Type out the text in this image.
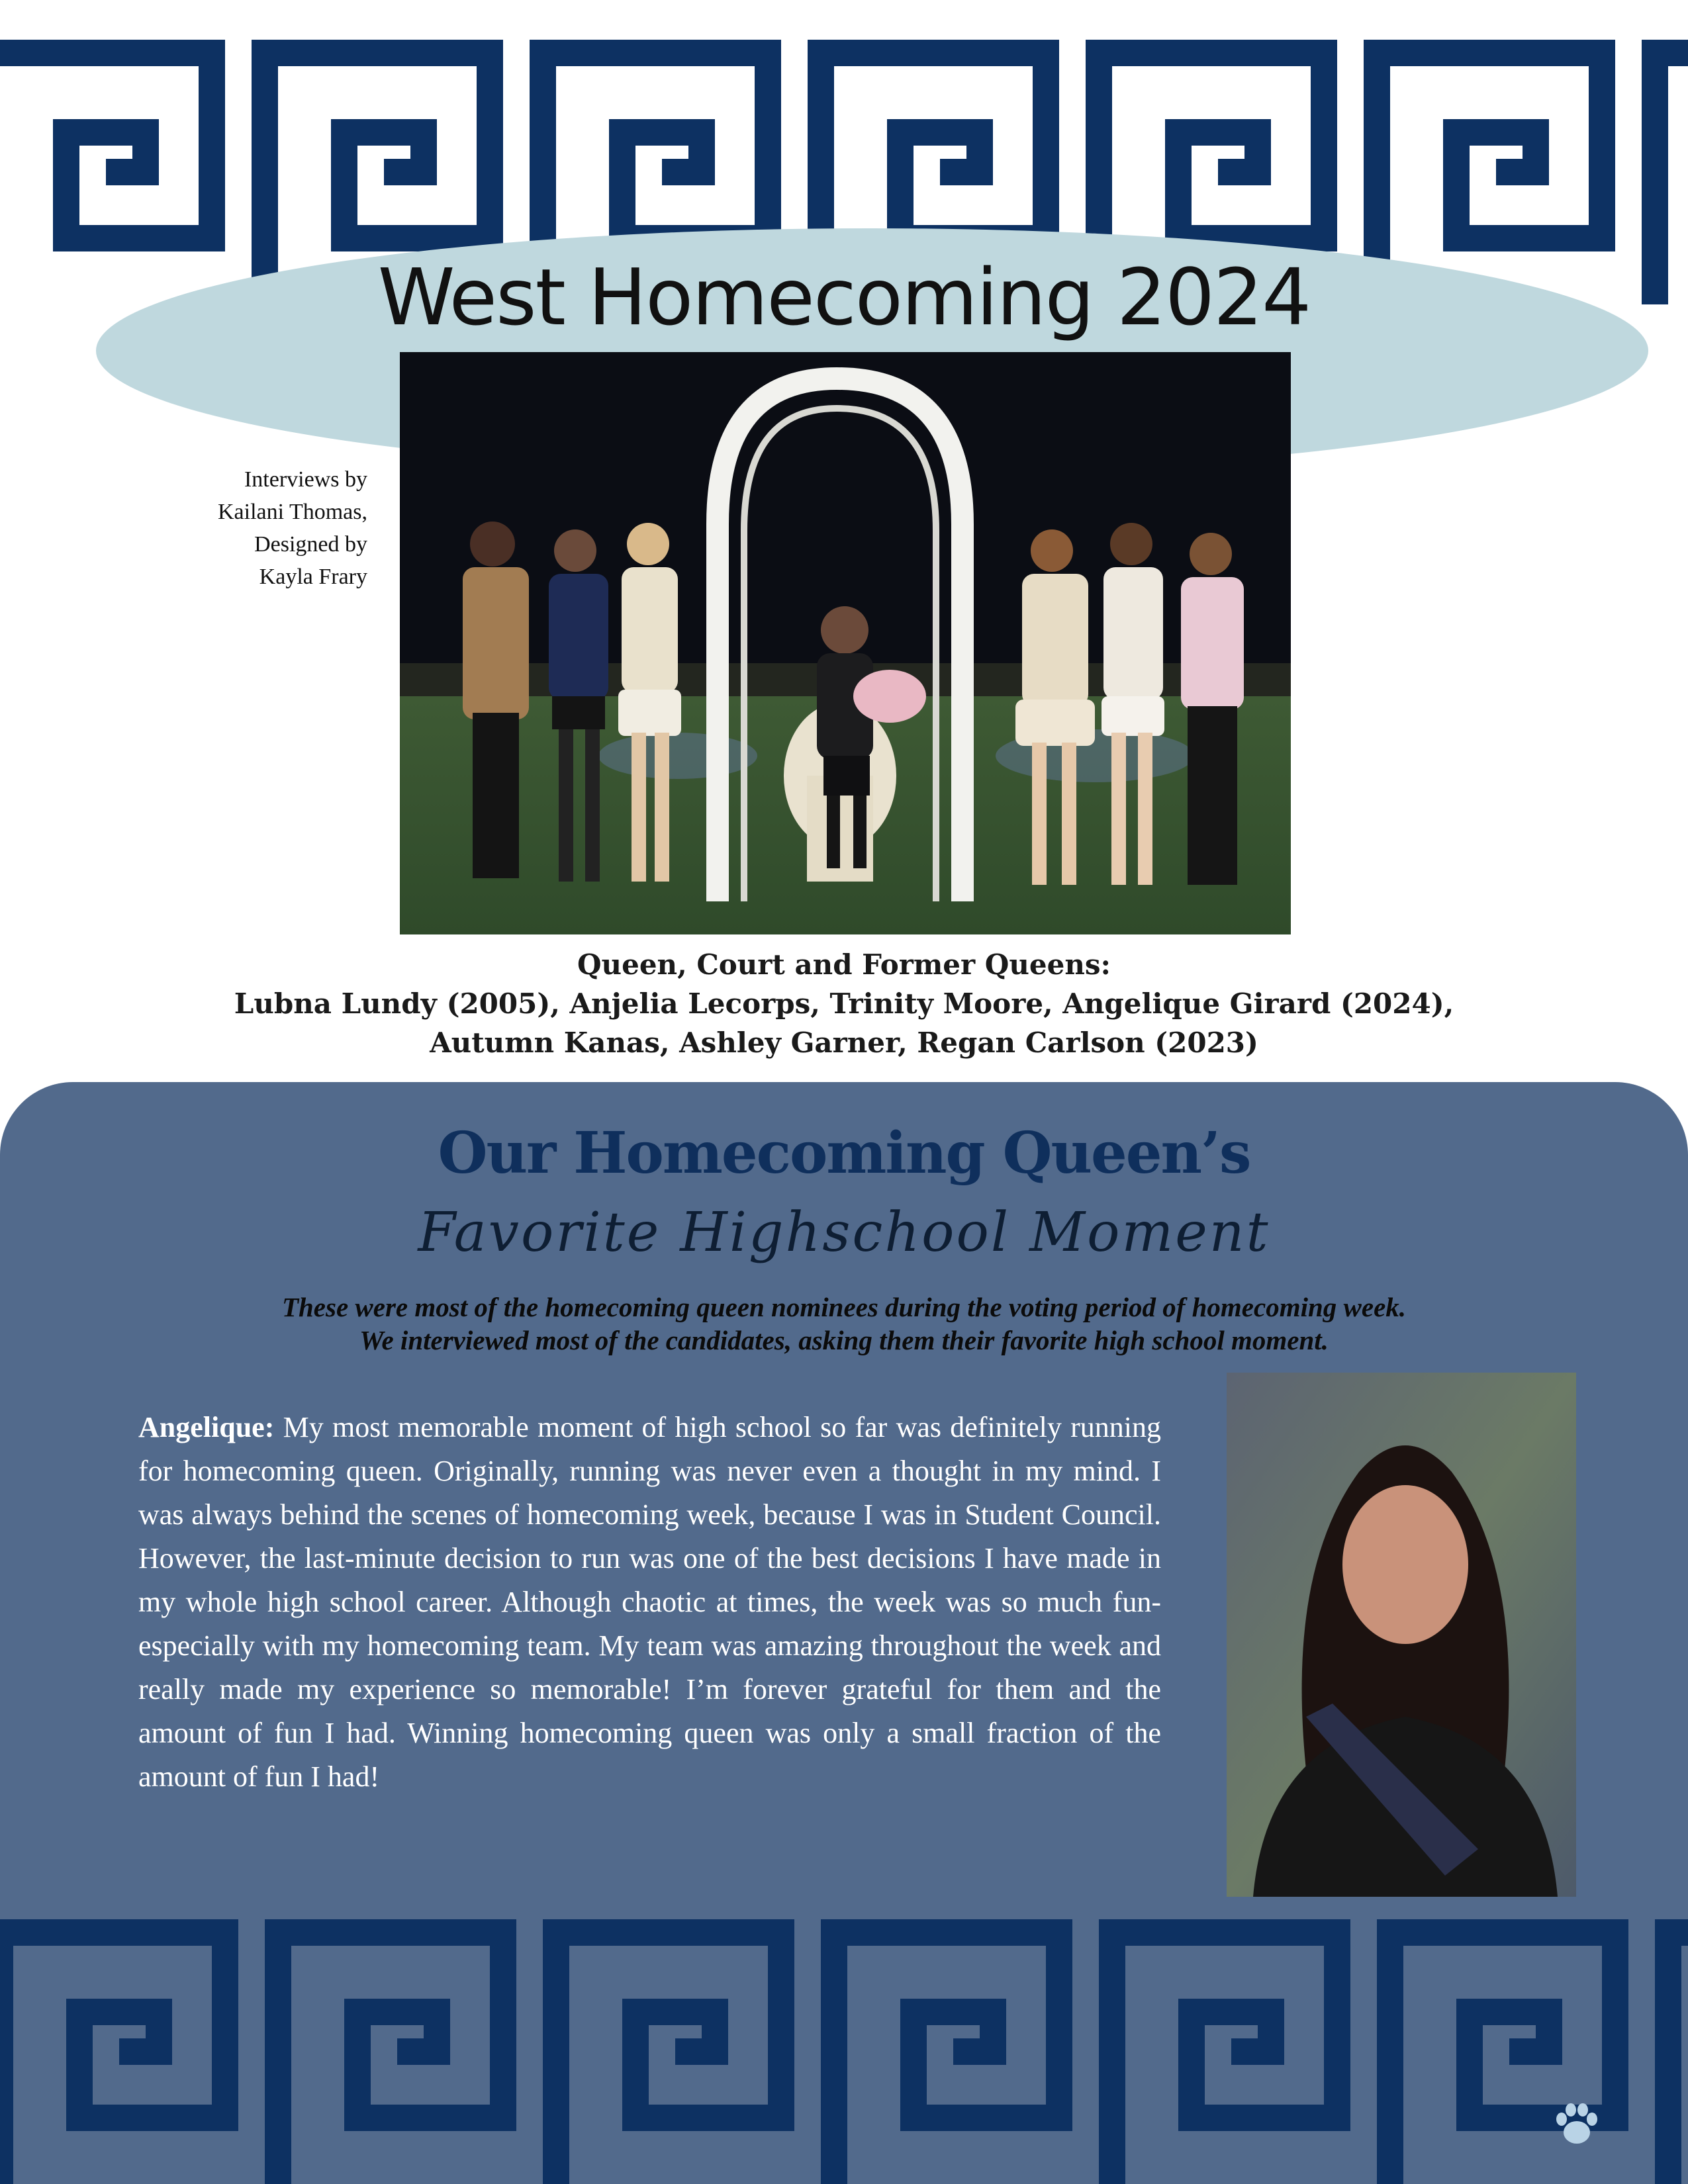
West Homecoming 2024
Interviews by
Kailani Thomas,
Designed by
Kayla Frary
Queen, Court and Former Queens:
Lubna Lundy (2005), Anjelia Lecorps, Trinity Moore, Angelique Girard (2024),
Autumn Kanas, Ashley Garner, Regan Carlson (2023)
Our Homecoming Queen’s
Favorite Highschool Moment
These were most of the homecoming queen nominees during the voting period of homecoming week.
We interviewed most of the candidates, asking them their favorite high school moment.
Angelique: My most memorable moment of high school so far was definitely running for homecoming queen. Originally, running was never even a thought in my mind. I was always behind the scenes of homecoming week, because I was in Student Council. However, the last-minute decision to run was one of the best decisions I have made in my whole high school career. Although chaotic at times, the week was so much fun- especially with my homecoming team. My team was amazing throughout the week and really made my experience so memorable! I’m forever grateful for them and the amount of fun I had. Winning homecoming queen was only a small fraction of the amount of fun I had!
